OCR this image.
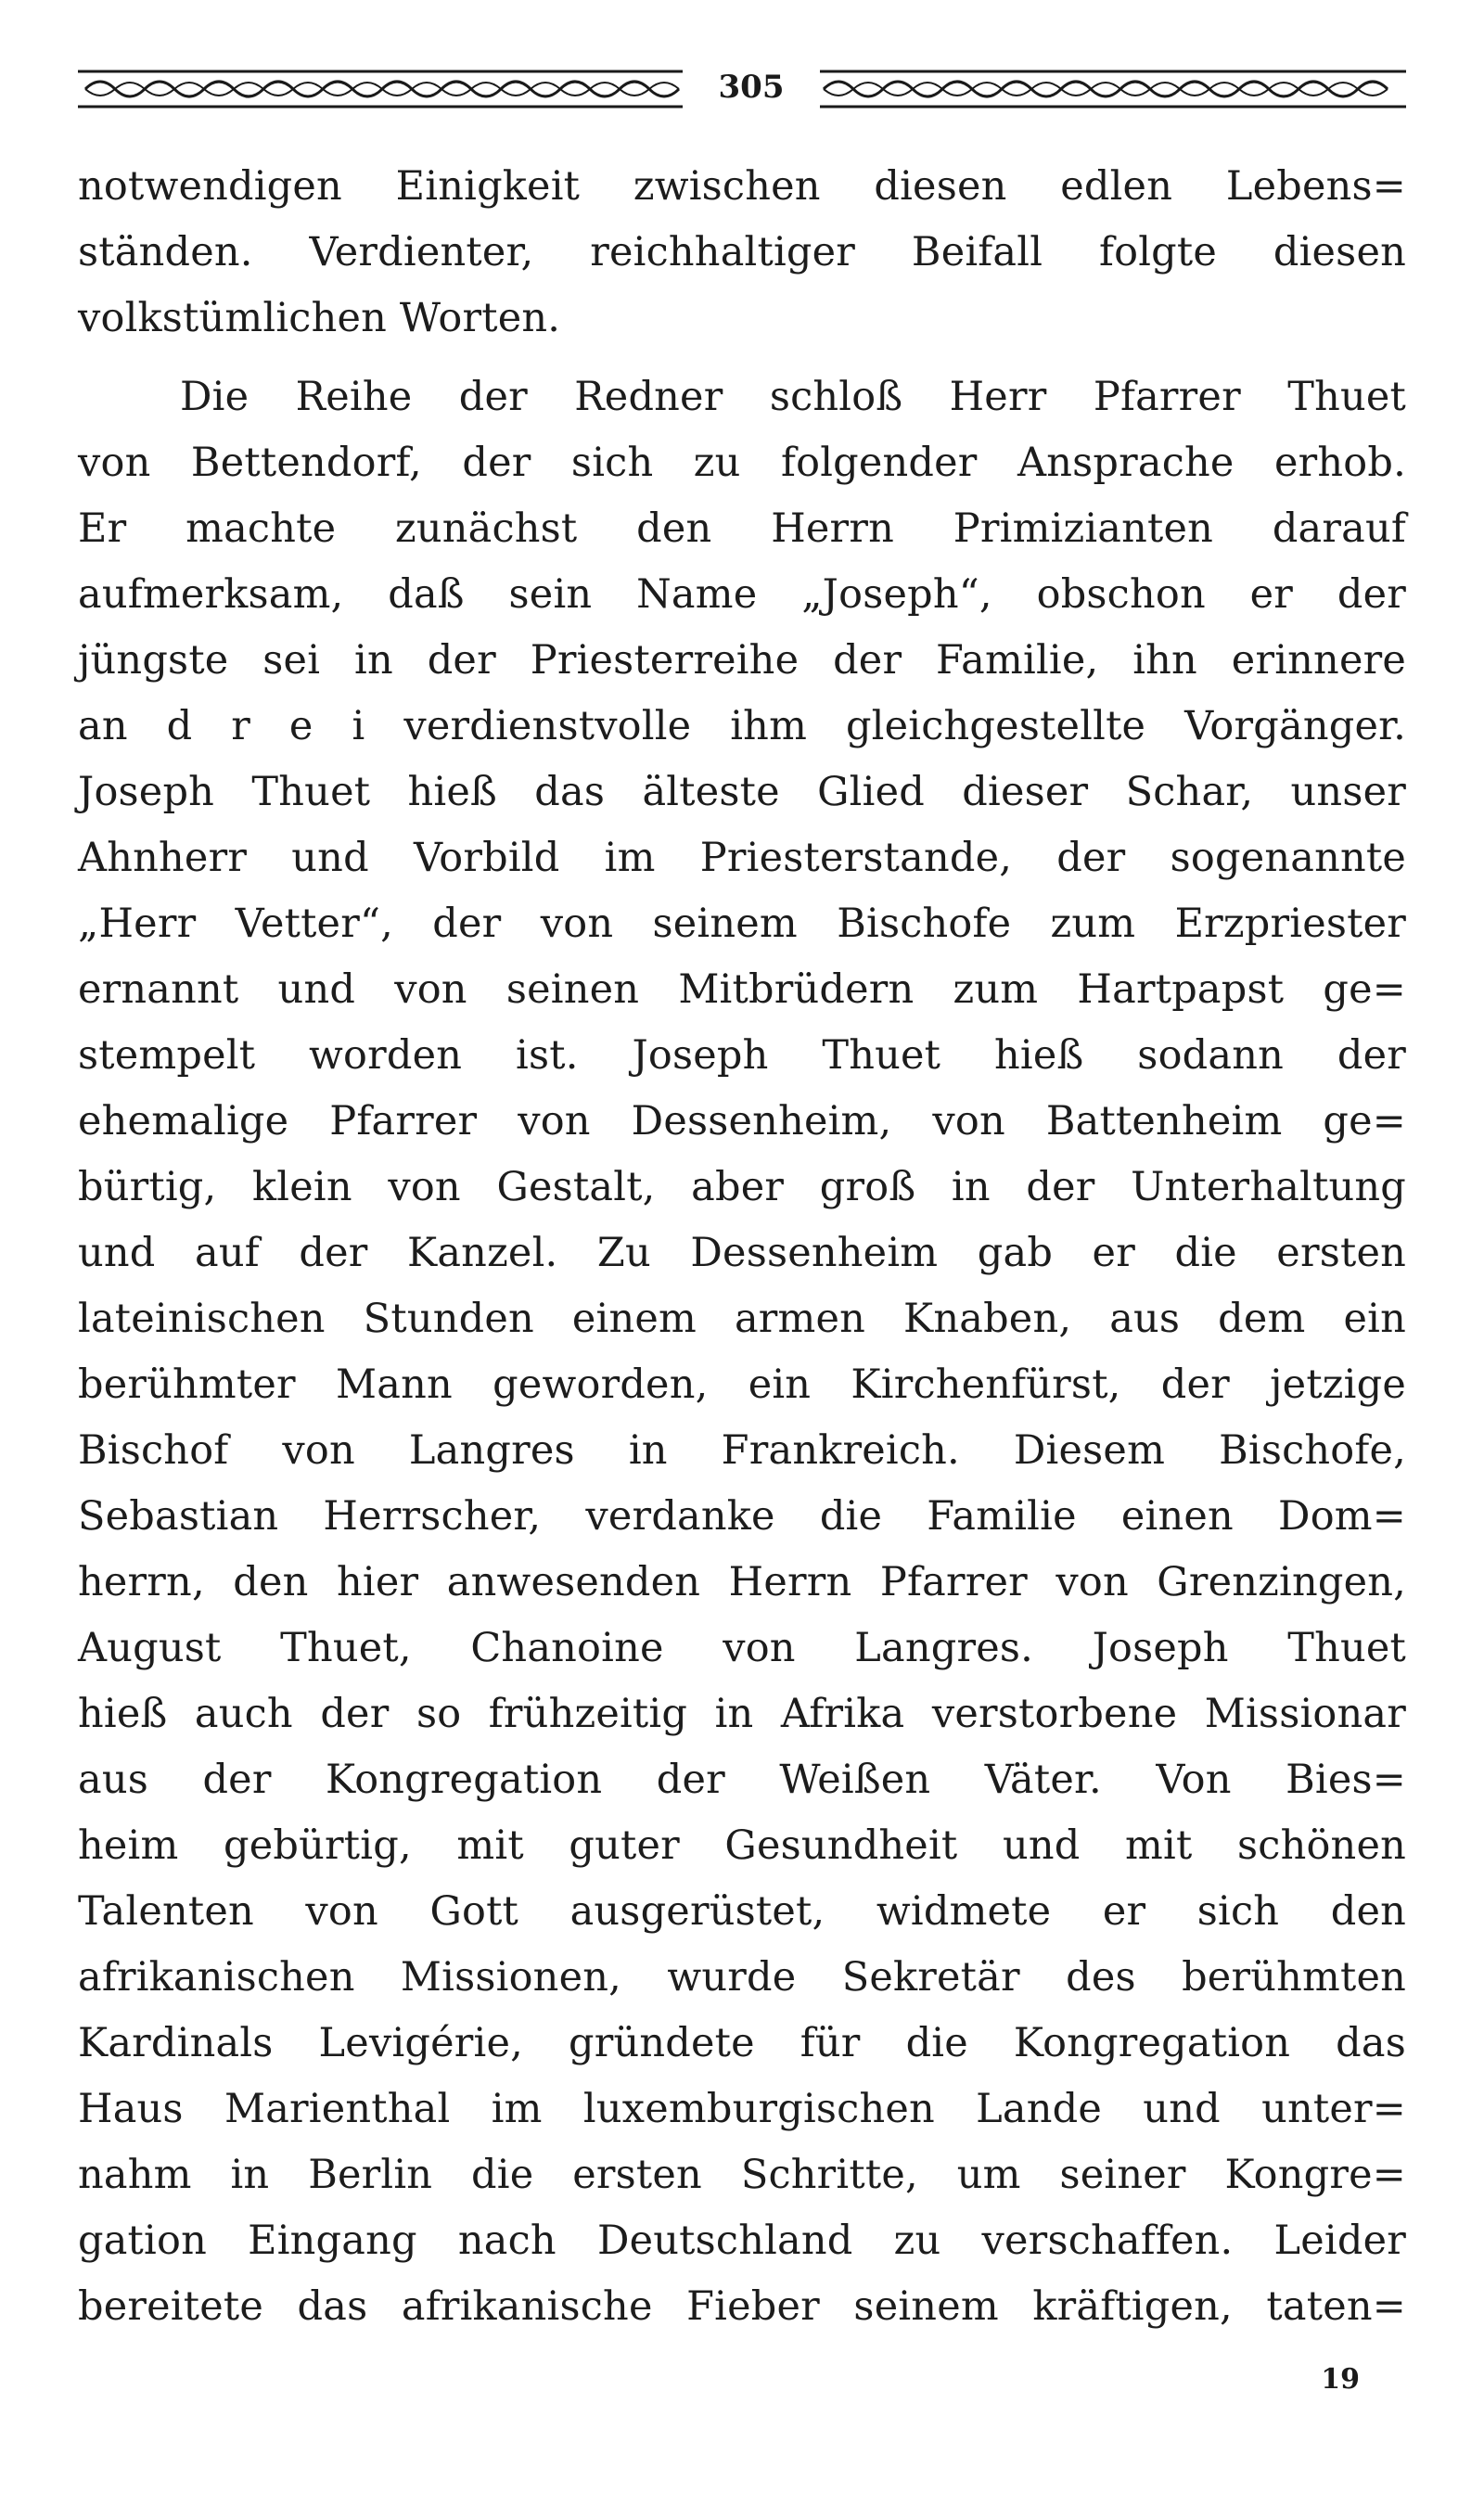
305
notwendigen Einigkeit zwischen diesen edlen Lebens=
ständen. Verdienter, reichhaltiger Beifall folgte diesen
volkstümlichen Worten.
Die Reihe der Redner schloß Herr Pfarrer Thuet
von Bettendorf, der sich zu folgender Ansprache erhob.
Er machte zunächst den Herrn Primizianten darauf
aufmerksam, daß sein Name „Joseph“, obschon er der
jüngste sei in der Priesterreihe der Familie, ihn erinnere
an d r e i verdienstvolle ihm gleichgestellte Vorgänger.
Joseph Thuet hieß das älteste Glied dieser Schar, unser
Ahnherr und Vorbild im Priesterstande, der sogenannte
„Herr Vetter“, der von seinem Bischofe zum Erzpriester
ernannt und von seinen Mitbrüdern zum Hartpapst ge=
stempelt worden ist. Joseph Thuet hieß sodann der
ehemalige Pfarrer von Dessenheim, von Battenheim ge=
bürtig, klein von Gestalt, aber groß in der Unterhaltung
und auf der Kanzel. Zu Dessenheim gab er die ersten
lateinischen Stunden einem armen Knaben, aus dem ein
berühmter Mann geworden, ein Kirchenfürst, der jetzige
Bischof von Langres in Frankreich. Diesem Bischofe,
Sebastian Herrscher, verdanke die Familie einen Dom=
herrn, den hier anwesenden Herrn Pfarrer von Grenzingen,
August Thuet, Chanoine von Langres. Joseph Thuet
hieß auch der so frühzeitig in Afrika verstorbene Missionar
aus der Kongregation der Weißen Väter. Von Bies=
heim gebürtig, mit guter Gesundheit und mit schönen
Talenten von Gott ausgerüstet, widmete er sich den
afrikanischen Missionen, wurde Sekretär des berühmten
Kardinals Levigérie, gründete für die Kongregation das
Haus Marienthal im luxemburgischen Lande und unter=
nahm in Berlin die ersten Schritte, um seiner Kongre=
gation Eingang nach Deutschland zu verschaffen. Leider
bereitete das afrikanische Fieber seinem kräftigen, taten=
19
